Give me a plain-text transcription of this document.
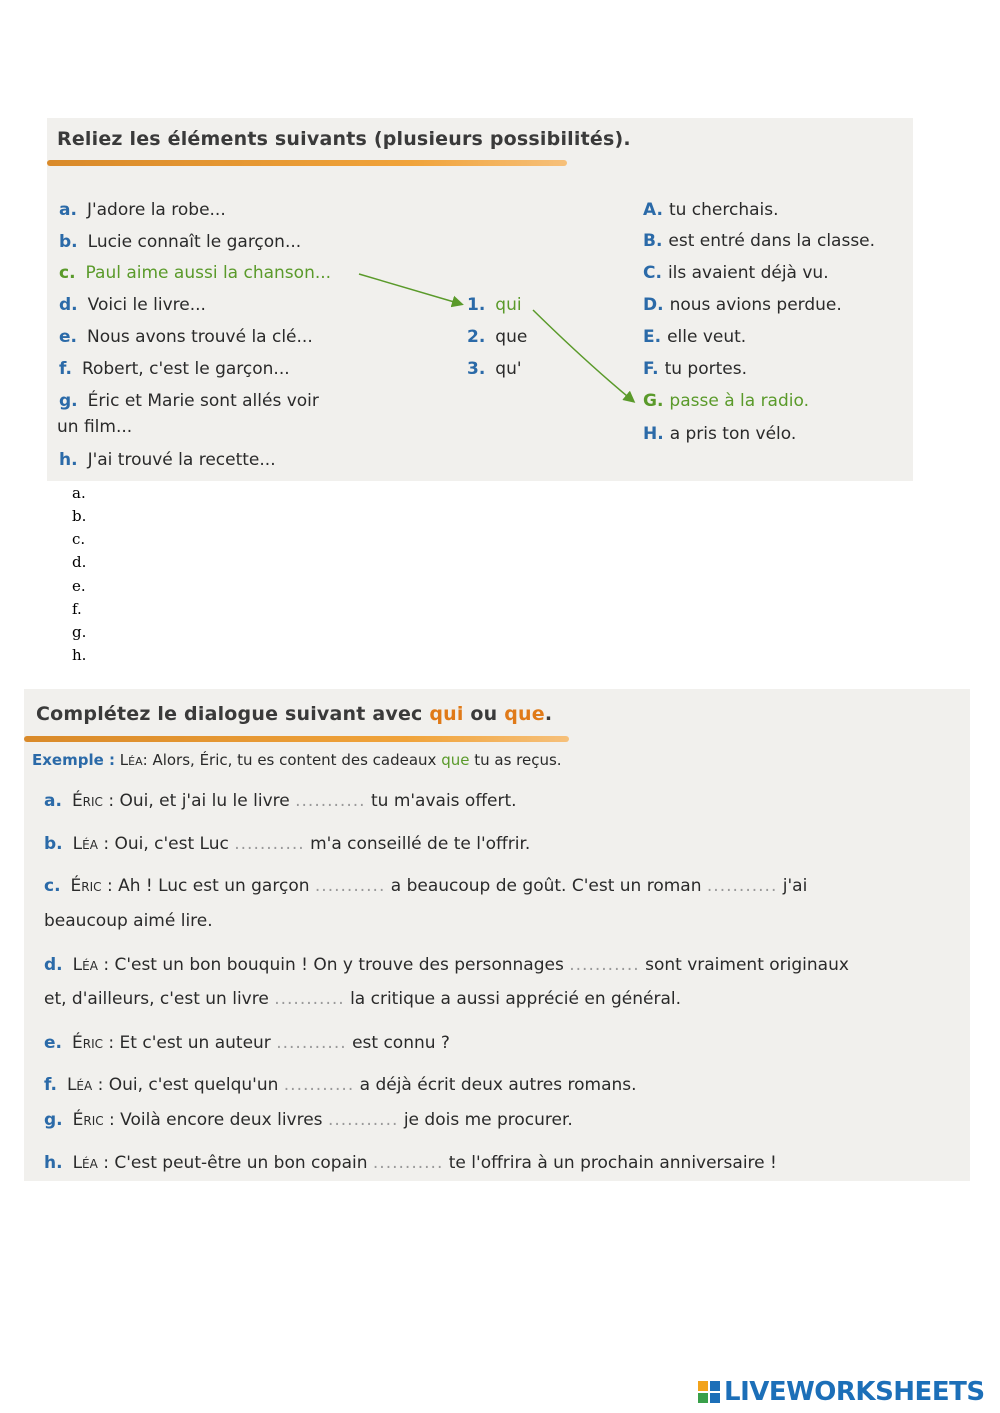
Reliez les éléments suivants (plusieurs possibilités).
a. J'adore la robe...
b. Lucie connaît le garçon...
c. Paul aime aussi la chanson...
d. Voici le livre...
e. Nous avons trouvé la clé...
f. Robert, c'est le garçon...
g. Éric et Marie sont allés voir
un film...
h. J'ai trouvé la recette...
1. qui
2. que
3. qu'
A. tu cherchais.
B. est entré dans la classe.
C. ils avaient déjà vu.
D. nous avions perdue.
E. elle veut.
F. tu portes.
G. passe à la radio.
H. a pris ton vélo.
a.
b.
c.
d.
e.
f.
g.
h.
Complétez le dialogue suivant avec qui ou que.
Exemple : Léa: Alors, Éric, tu es content des cadeaux que tu as reçus.
a. Éric : Oui, et j'ai lu le livre ........... tu m'avais offert.
b. Léa : Oui, c'est Luc ........... m'a conseillé de te l'offrir.
c. Éric : Ah ! Luc est un garçon ........... a beaucoup de goût. C'est un roman ........... j'ai
beaucoup aimé lire.
d. Léa : C'est un bon bouquin ! On y trouve des personnages ........... sont vraiment originaux
et, d'ailleurs, c'est un livre ........... la critique a aussi apprécié en général.
e. Éric : Et c'est un auteur ........... est connu ?
f. Léa : Oui, c'est quelqu'un ........... a déjà écrit deux autres romans.
g. Éric : Voilà encore deux livres ........... je dois me procurer.
h. Léa : C'est peut-être un bon copain ........... te l'offrira à un prochain anniversaire !
LIVEWORKSHEETS
